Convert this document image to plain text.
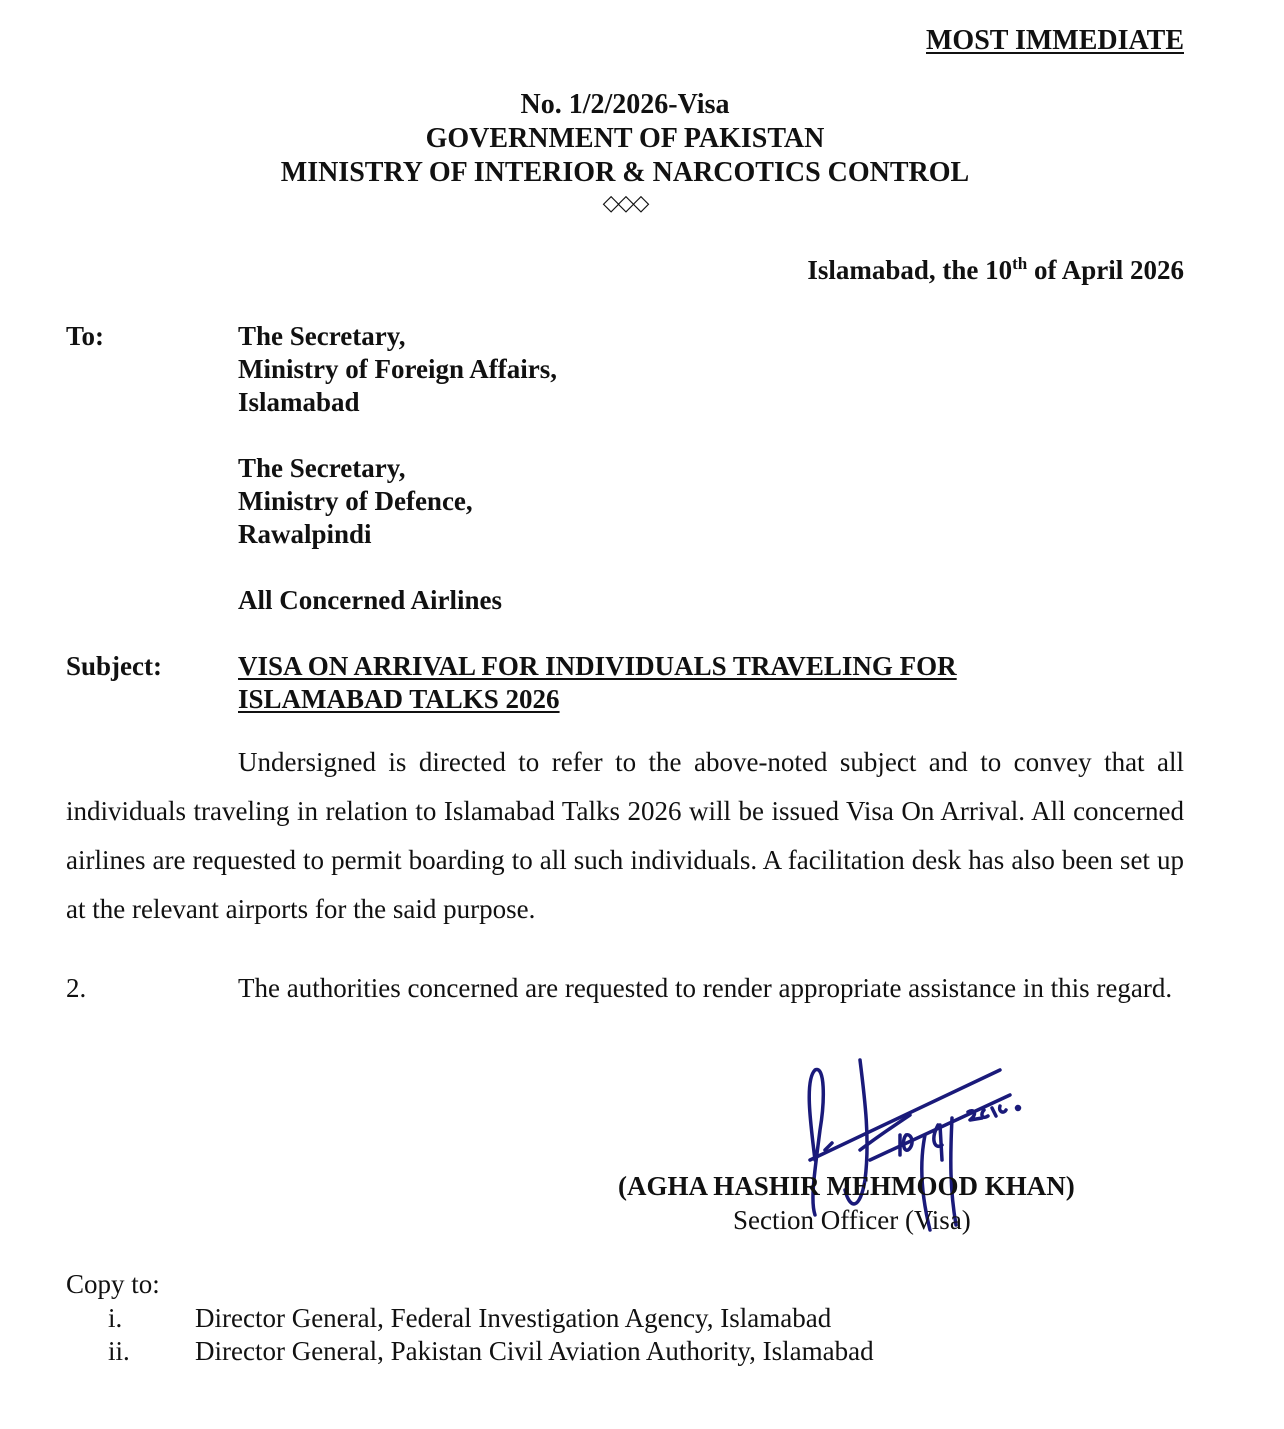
MOST IMMEDIATE
No. 1/2/2026-Visa
GOVERNMENT OF PAKISTAN
MINISTRY OF INTERIOR & NARCOTICS CONTROL
◇◇◇
Islamabad, the 10th of April 2026
To:	The Secretary,
Ministry of Foreign Affairs,
Islamabad
The Secretary,
Ministry of Defence,
Rawalpindi
All Concerned Airlines
Subject:	VISA ON ARRIVAL FOR INDIVIDUALS TRAVELING FOR
ISLAMABAD TALKS 2026
Undersigned is directed to refer to the above-noted subject and to convey that all individuals traveling in relation to Islamabad Talks 2026 will be issued Visa On Arrival. All concerned airlines are requested to permit boarding to all such individuals. A facilitation desk has also been set up at the relevant airports for the said purpose.
2.	The authorities concerned are requested to render appropriate assistance in this regard.
(AGHA HASHIR MEHMOOD KHAN)
Section Officer (Visa)
Copy to:
i.	Director General, Federal Investigation Agency, Islamabad
ii. Director General, Pakistan Civil Aviation Authority, Islamabad
